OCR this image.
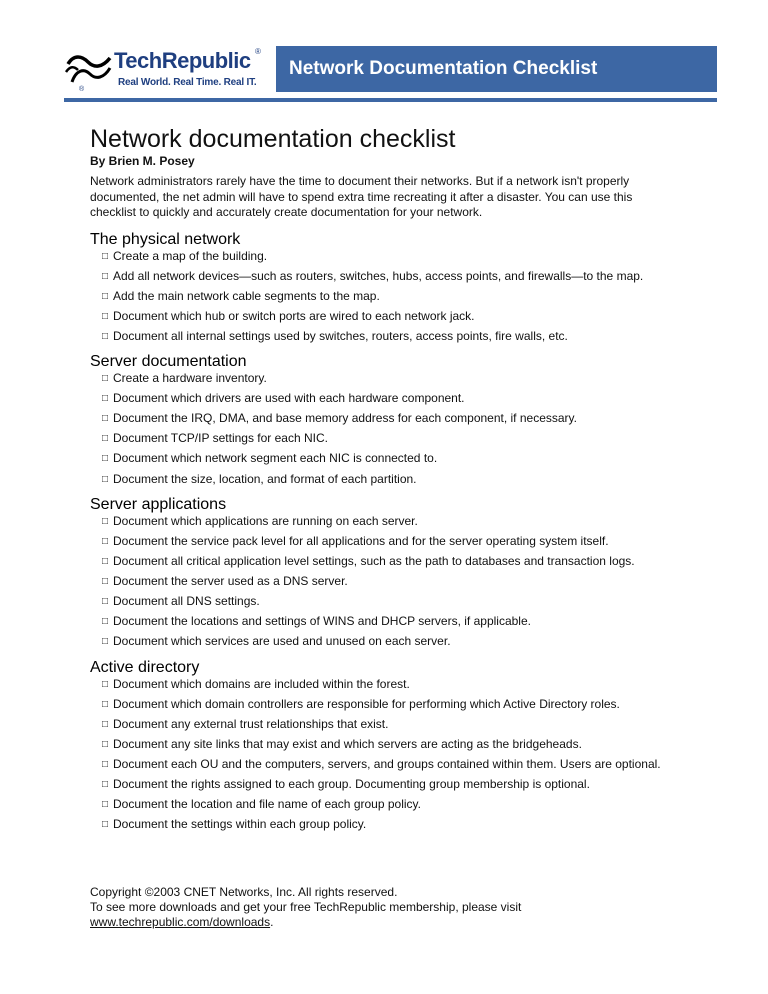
TechRepublic ®
Real World. Real Time. Real IT.
®
Network Documentation Checklist
Network documentation checklist
By Brien M. Posey
Network administrators rarely have the time to document their networks. But if a network isn't properly documented, the net admin will have to spend extra time recreating it after a disaster. You can use this checklist to quickly and accurately create documentation for your network.
The physical network
□ Create a map of the building.
□ Add all network devices—such as routers, switches, hubs, access points, and firewalls—to the map.
□ Add the main network cable segments to the map.
□ Document which hub or switch ports are wired to each network jack.
□ Document all internal settings used by switches, routers, access points, fire walls, etc.
Server documentation
□ Create a hardware inventory.
□ Document which drivers are used with each hardware component.
□ Document the IRQ, DMA, and base memory address for each component, if necessary.
□ Document TCP/IP settings for each NIC.
□ Document which network segment each NIC is connected to.
□ Document the size, location, and format of each partition.
Server applications
□ Document which applications are running on each server.
□ Document the service pack level for all applications and for the server operating system itself.
□ Document all critical application level settings, such as the path to databases and transaction logs.
□ Document the server used as a DNS server.
□ Document all DNS settings.
□ Document the locations and settings of WINS and DHCP servers, if applicable.
□ Document which services are used and unused on each server.
Active directory
□ Document which domains are included within the forest.
□ Document which domain controllers are responsible for performing which Active Directory roles.
□ Document any external trust relationships that exist.
□ Document any site links that may exist and which servers are acting as the bridgeheads.
□ Document each OU and the computers, servers, and groups contained within them. Users are optional.
□ Document the rights assigned to each group. Documenting group membership is optional.
□ Document the location and file name of each group policy.
□ Document the settings within each group policy.
Copyright ©2003 CNET Networks, Inc. All rights reserved.
To see more downloads and get your free TechRepublic membership, please visit
www.techrepublic.com/downloads.
